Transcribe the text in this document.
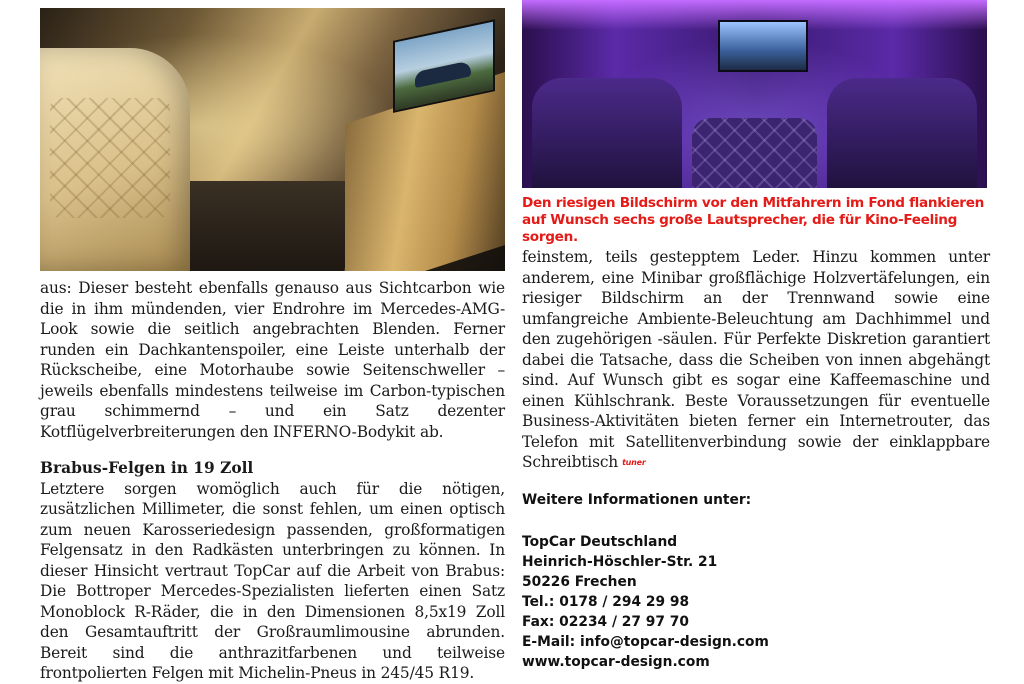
aus: Dieser besteht ebenfalls genauso aus Sichtcarbon wie die in ihm mündenden, vier Endrohre im Mercedes-AMG-Look sowie die seitlich angebrachten Blenden. Ferner runden ein Dachkantenspoiler, eine Leiste unterhalb der Rückscheibe, eine Motorhaube sowie Seitenschweller – jeweils ebenfalls mindestens teilweise im Carbon-typischen grau schimmernd – und ein Satz dezenter Kotflügelverbreiterungen den INFERNO-Bodykit ab.

Brabus-Felgen in 19 Zoll

Letztere sorgen womöglich auch für die nötigen, zusätzlichen Millimeter, die sonst fehlen, um einen optisch zum neuen Karosseriedesign passenden, großformatigen Felgensatz in den Radkästen unterbringen zu können. In dieser Hinsicht vertraut TopCar auf die Arbeit von Brabus: Die Bottroper Mercedes-Spezialisten lieferten einen Satz Monoblock R-Räder, die in den Dimensionen 8,5x19 Zoll den Gesamtauftritt der Großraumlimousine abrunden. Bereit sind die anthrazitfarbenen und teilweise frontpolierten Felgen mit Michelin-Pneus in 245/45 R19.

Den riesigen Bildschirm vor den Mitfahrern im Fond flankieren auf Wunsch sechs große Lautsprecher, die für Kino-Feeling sorgen.

feinstem, teils gestepptem Leder. Hinzu kommen unter anderem, eine Minibar großflächige Holzvertäfelungen, ein riesiger Bildschirm an der Trennwand sowie eine umfangreiche Ambiente-Beleuchtung am Dachhimmel und den zugehörigen -säulen. Für Perfekte Diskretion garantiert dabei die Tatsache, dass die Scheiben von innen abgehängt sind. Auf Wunsch gibt es sogar eine Kaffeemaschine und einen Kühlschrank. Beste Voraussetzungen für eventuelle Business-Aktivitäten bieten ferner ein Internetrouter, das Telefon mit Satellitenverbindung sowie der einklappbare Schreibtisch tuner

Weitere Informationen unter:

TopCar Deutschland
Heinrich-Höschler-Str. 21
50226 Frechen
Tel.: 0178 / 294 29 98
Fax: 02234 / 27 97 70
E-Mail: info@topcar-design.com
www.topcar-design.com
